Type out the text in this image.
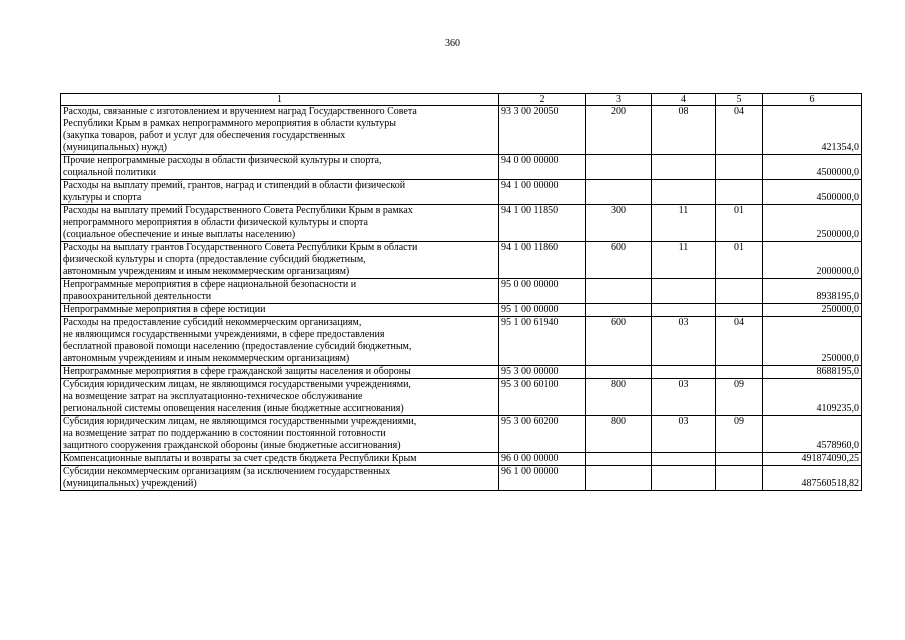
360
1	2	3	4	5	6

Расходы, связанные с изготовлением и вручением наград Государственного Совета
Республики Крым в рамках непрограммного мероприятия в области культуры
(закупка товаров, работ и услуг для обеспечения государственных
(муниципальных) нужд)	93 3 00 20050	200	08	04	421354,0

Прочие непрограммные расходы в области физической культуры и спорта,
социальной политики	94 0 00 00000				4500000,0

Расходы на выплату премий, грантов, наград и стипендий в области физической
культуры и спорта	94 1 00 00000				4500000,0

Расходы на выплату премий Государственного Совета Республики Крым в рамках
непрограммного мероприятия в области физической культуры и спорта
(социальное обеспечение и иные выплаты населению)	94 1 00 11850	300	11	01	2500000,0

Расходы на выплату грантов Государственного Совета Республики Крым в области
физической культуры и спорта (предоставление субсидий бюджетным,
автономным учреждениям и иным некоммерческим организациям)	94 1 00 11860	600	11	01	2000000,0

Непрограммные мероприятия в сфере национальной безопасности и
правоохранительной деятельности	95 0 00 00000				8938195,0

Непрограммные мероприятия в сфере юстиции	95 1 00 00000				250000,0

Расходы на предоставление субсидий некоммерческим организациям,
не являющимся государственными учреждениями, в сфере предоставления
бесплатной правовой помощи населению (предоставление субсидий бюджетным,
автономным учреждениям и иным некоммерческим организациям)	95 1 00 61940	600	03	04	250000,0

Непрограммные мероприятия в сфере гражданской защиты населения и обороны	95 3 00 00000				8688195,0

Субсидия юридическим лицам, не являющимся государствеными учреждениями,
на возмещение затрат на эксплуатационно-техническое обслуживание
региональной системы оповещения населения (иные бюджетные ассигнования)	95 3 00 60100	800	03	09	4109235,0

Субсидия юридическим лицам, не являющимся государственными учреждениями,
на возмещение затрат по поддержанию в состоянии постоянной готовности
защитного сооружения гражданской обороны (иные бюджетные ассигнования)	95 3 00 60200	800	03	09	4578960,0

Компенсационные выплаты и возвраты за счет средств бюджета Республики Крым	96 0 00 00000				491874090,25

Субсидии некоммерческим организациям (за исключением государственных
(муниципальных) учреждений)	96 1 00 00000				487560518,82
